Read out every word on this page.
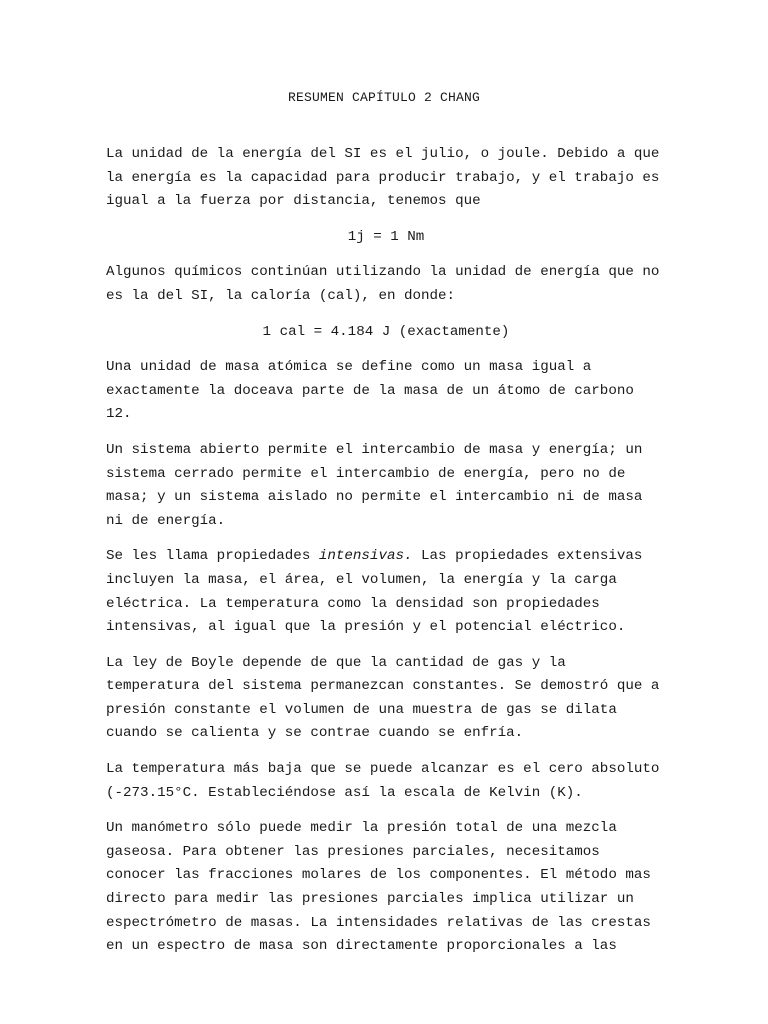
RESUMEN CAPÍTULO 2 CHANG

La unidad de la energía del SI es el julio, o joule. Debido a que la energía es la capacidad para producir trabajo, y el trabajo es igual a la fuerza por distancia, tenemos que

1j = 1 Nm

Algunos químicos continúan utilizando la unidad de energía que no es la del SI, la caloría (cal), en donde:

1 cal = 4.184 J (exactamente)

Una unidad de masa atómica se define como un masa igual a exactamente la doceava parte de la masa de un átomo de carbono 12.

Un sistema abierto permite el intercambio de masa y energía; un sistema cerrado permite el intercambio de energía, pero no de masa; y un sistema aislado no permite el intercambio ni de masa ni de energía.

Se les llama propiedades intensivas. Las propiedades extensivas incluyen la masa, el área, el volumen, la energía y la carga eléctrica. La temperatura como la densidad son propiedades intensivas, al igual que la presión y el potencial eléctrico.

La ley de Boyle depende de que la cantidad de gas y la temperatura del sistema permanezcan constantes. Se demostró que a presión constante el volumen de una muestra de gas se dilata cuando se calienta y se contrae cuando se enfría.

La temperatura más baja que se puede alcanzar es el cero absoluto (-273.15°C. Estableciéndose así la escala de Kelvin (K).

Un manómetro sólo puede medir la presión total de una mezcla gaseosa. Para obtener las presiones parciales, necesitamos conocer las fracciones molares de los componentes. El método mas directo para medir las presiones parciales implica utilizar un espectrómetro de masas. La intensidades relativas de las crestas en un espectro de masa son directamente proporcionales a las
